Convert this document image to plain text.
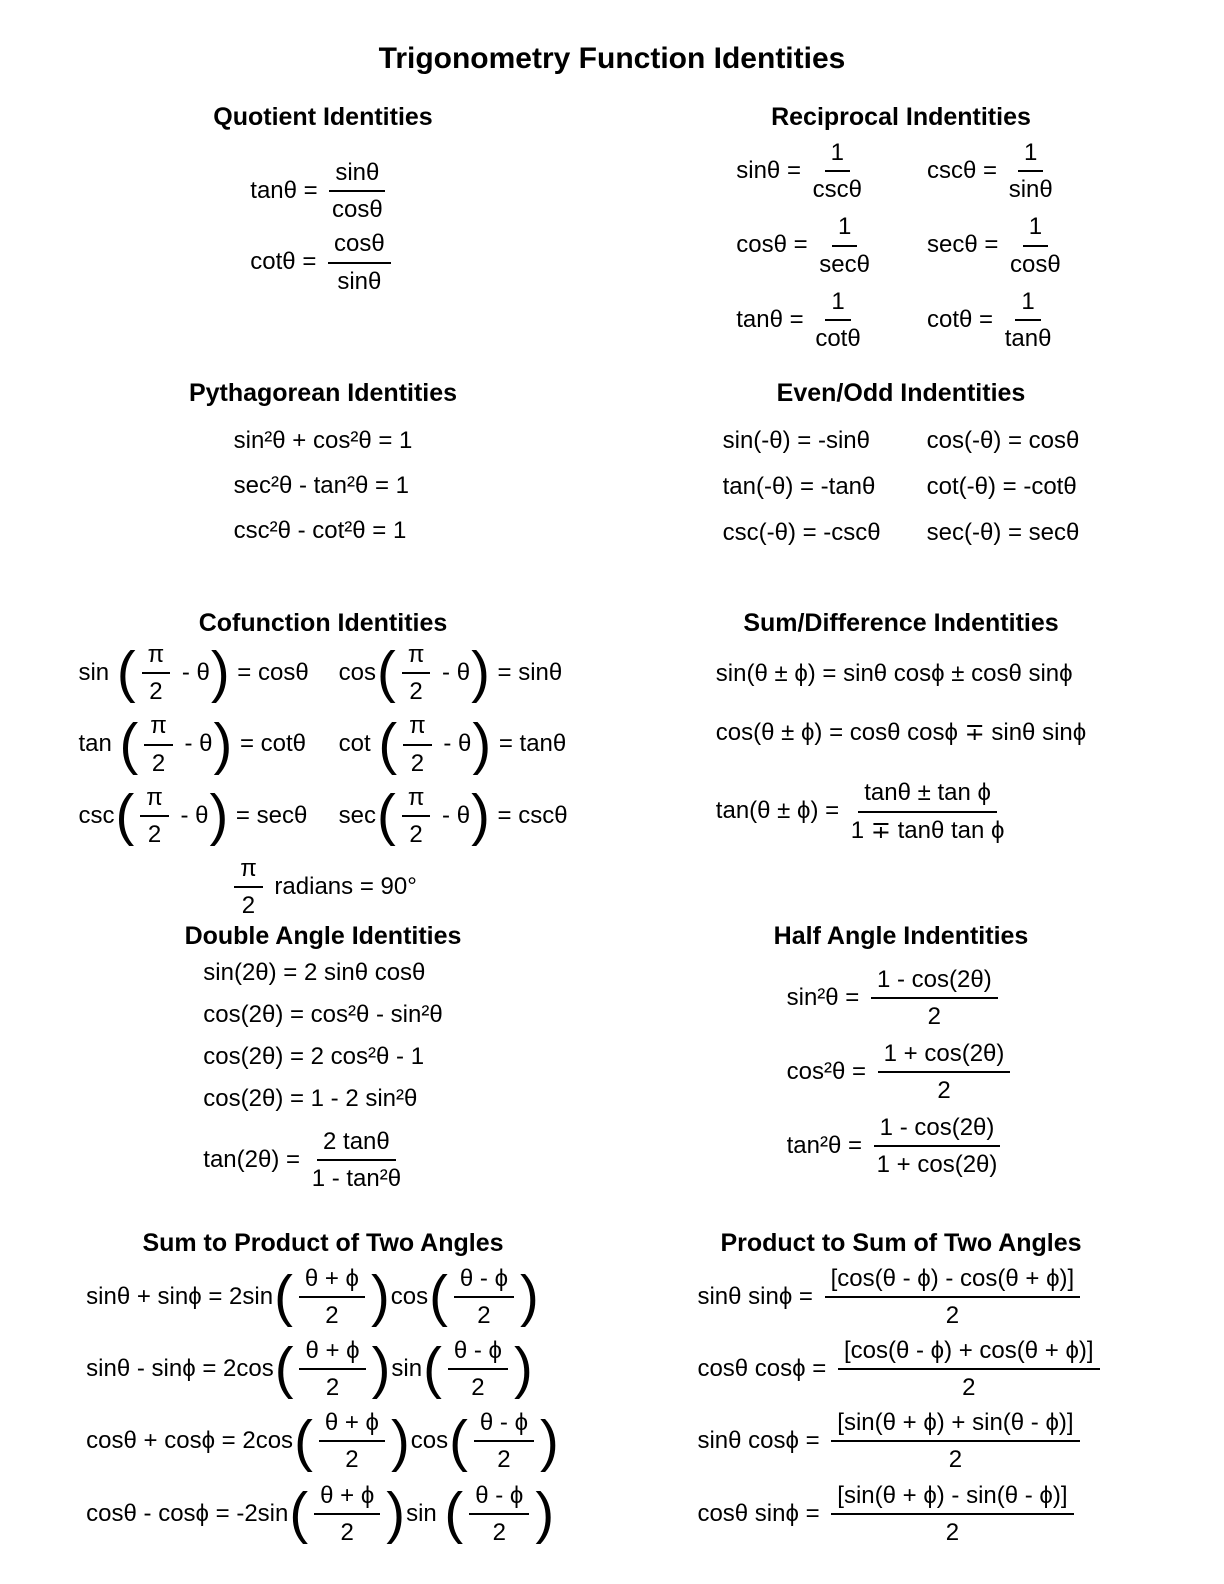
Trigonometry Function Identities
Quotient Identities
$\tan\theta = \frac{\sin\theta}{\cos\theta}$
$\cot\theta = \frac{\cos\theta}{\sin\theta}$
Reciprocal Indentities
$\sin\theta = \frac{1}{\csc\theta}$	$\csc\theta = \frac{1}{\sin\theta}$
$\cos\theta = \frac{1}{\sec\theta}$ $\sec\theta = \frac{1}{\cos\theta}$
$\tan\theta = \frac{1}{\cot\theta}$	$\cot\theta = \frac{1}{\tan\theta}$
Pythagorean Identities
sin²θ + cos²θ = 1
sec²θ - tan²θ = 1
csc²θ - cot²θ = 1
Even/Odd Indentities
sin(-θ) = -sinθ cos(-θ) = cosθ
tan(-θ) = -tanθ cot(-θ) = -cotθ
csc(-θ) = -cscθ sec(-θ) = secθ
Cofunction Identities
sin ( $\frac{\pi}{2}$ - θ ) = cosθ cos ( $\frac{\pi}{2}$ - θ ) = sinθ
tan ( $\frac{\pi}{2}$ - θ ) = cotθ cot ( $\frac{\pi}{2}$ - θ ) = tanθ
csc ( $\frac{\pi}{2}$ - θ ) = secθ sec ( $\frac{\pi}{2}$ - θ ) = cscθ
$\frac{\pi}{2}$ radians = 90°
Sum/Difference Indentities
sin(θ ± ϕ) = sinθ cosϕ ± cosθ sinϕ
cos(θ ± ϕ) = cosθ cosϕ ∓ sinθ sinϕ
$\tan(\theta \pm \phi) = \frac{\text{tanθ ± tan ϕ}}{\text{1 ∓ tanθ tan ϕ}}$
Double Angle Identities
sin(2θ) = 2 sinθ cosθ
cos(2θ) = cos²θ - sin²θ
cos(2θ) = 2 cos²θ - 1
cos(2θ) = 1 - 2 sin²θ
$\tan(2\theta) = \frac{2 \tan\theta}{\text{1 - tan²θ}}$
Half Angle Indentities
$\sin^2\theta = \frac{1 - \cos(2\theta)}{2}$
$\cos^2\theta = \frac{1 + \cos(2\theta)}{2}$
$\tan^2\theta = \frac{1 - \cos(2\theta)}{1 + \cos(2\theta)}$
Sum to Product of Two Angles
sinθ + sinϕ = 2sin ( $\frac{\theta + \phi}{2}$ ) cos ( $\frac{\theta - \phi}{2}$ )
sinθ - sinϕ = 2cos ( $\frac{\theta + \phi}{2}$ ) sin ( $\frac{\theta - \phi}{2}$ )
cosθ + cosϕ = 2cos ( $\frac{\theta + \phi}{2}$ ) cos ( $\frac{\theta - \phi}{2}$ )
cosθ - cosϕ = -2sin ( $\frac{\theta + \phi}{2}$ ) sin ( $\frac{\theta - \phi}{2}$ )
Product to Sum of Two Angles
sinθ $\sin\phi = \frac{[\cos(\theta - \phi) - \cos(\theta + \phi)]}{2}$
cosθ $\cos\phi = \frac{[\cos(\theta - \phi) + \cos(\theta + \phi)]}{2}$
sinθ $\cos\phi = \frac{[\sin(\theta + \phi) + \sin(\theta - \phi)]}{2}$
cosθ $\sin\phi = \frac{[\sin(\theta + \phi) - \sin(\theta - \phi)]}{2}$
